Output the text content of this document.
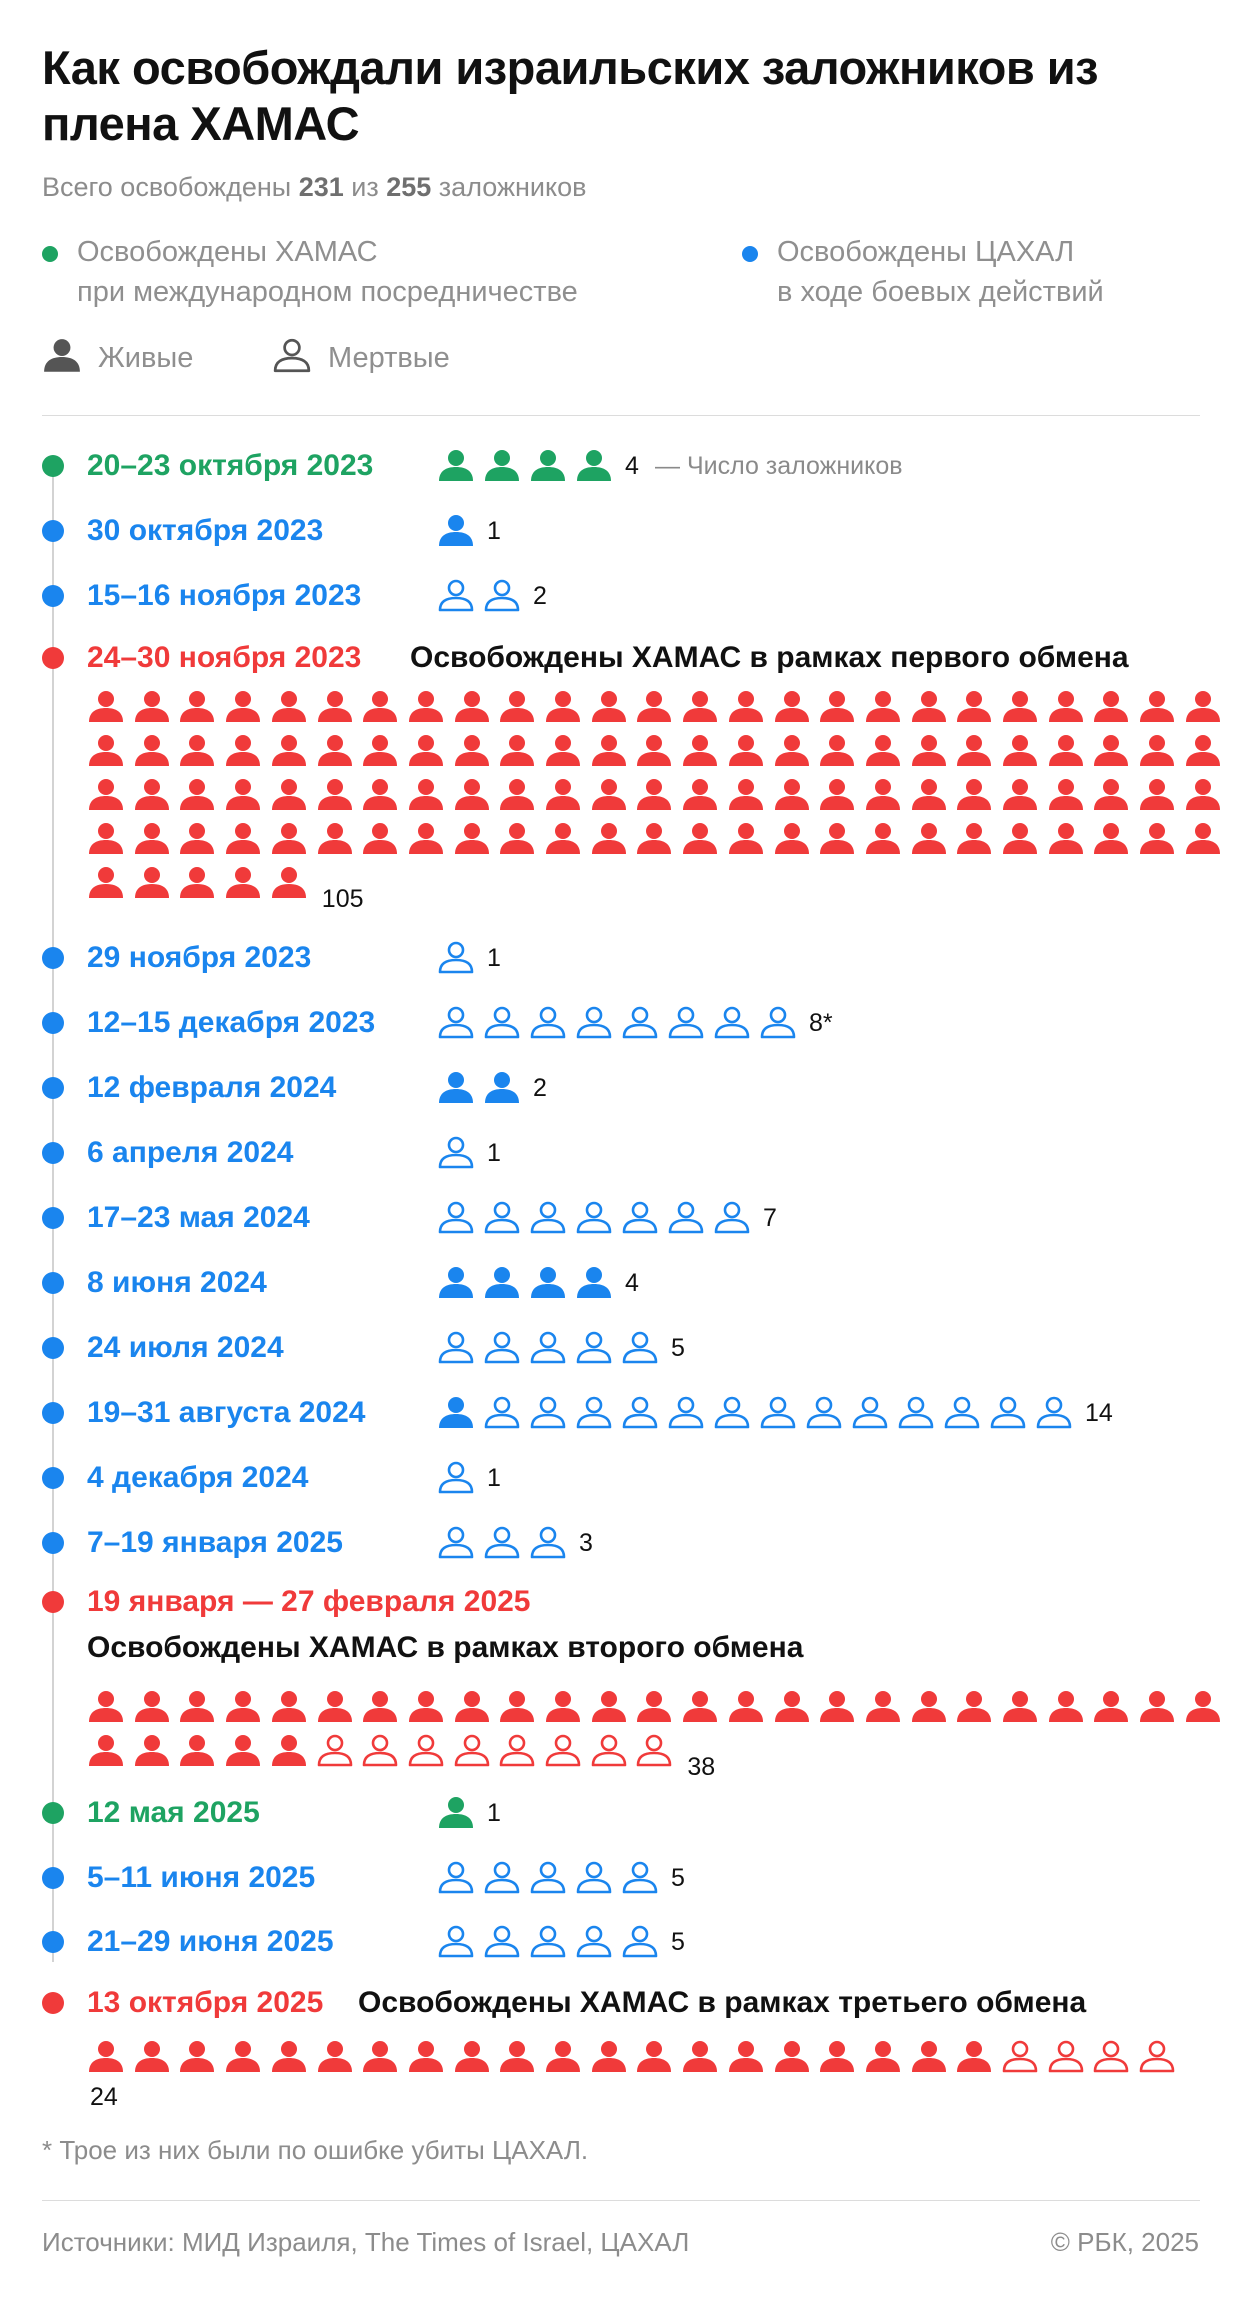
Как освобождали израильских заложников из плена ХАМАС
Всего освобождены 231 из 255 заложников
Освобождены ХАМАС
при международном посредничестве
Освобождены ЦАХАЛ
в ходе боевых действий
Живые	Мертвые
20–23 октября 2023	4 — Число заложников
30 октября 2023	1
15–16 ноября 2023	2
24–30 ноября 2023 Освобождены ХАМАС в рамках первого обмена
105
29 ноября 2023	1
12–15 декабря 2023	8*
12 февраля 2024	2
6 апреля 2024	1
17–23 мая 2024	7
8 июня 2024	4
24 июля 2024	5
19–31 августа 2024	14
4 декабря 2024	1
7–19 января 2025	3
19 января — 27 февраля 2025
Освобождены ХАМАС в рамках второго обмена
38
12 мая 2025	1
5–11 июня 2025	5
21–29 июня 2025	5
13 октября 2025 Освобождены ХАМАС в рамках третьего обмена
24
* Трое из них были по ошибке убиты ЦАХАЛ.
Источники: МИД Израиля, The Times of Israel, ЦАХАЛ	© РБК, 2025
